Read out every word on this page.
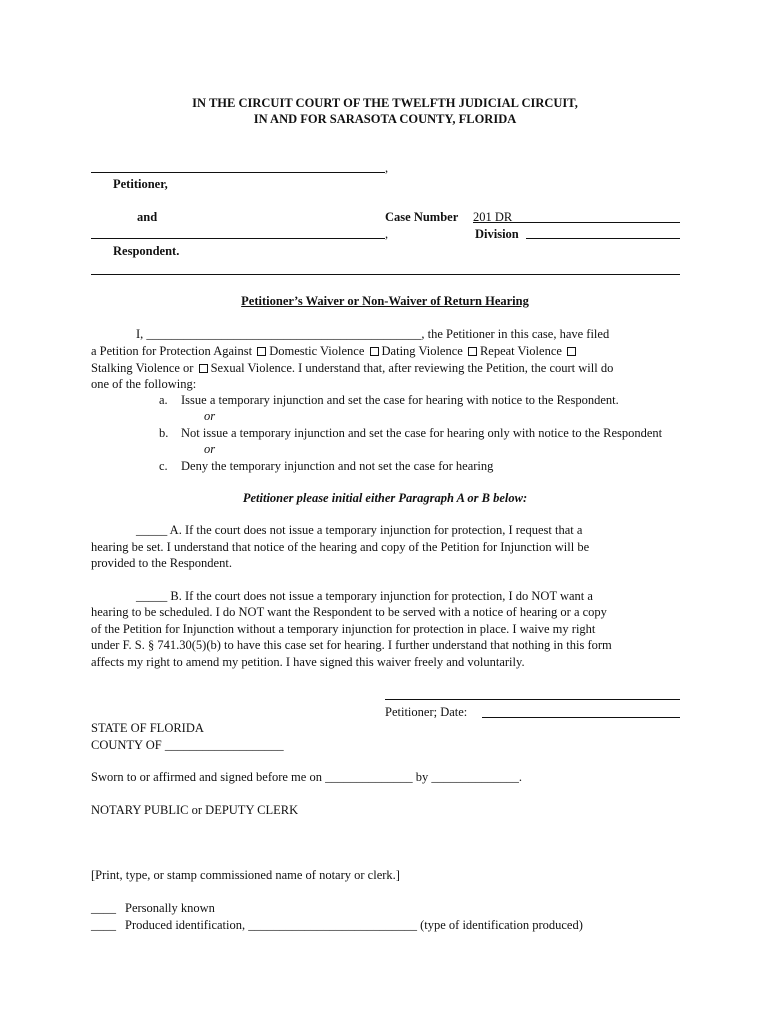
IN THE CIRCUIT COURT OF THE TWELFTH JUDICIAL CIRCUIT,
IN AND FOR SARASOTA COUNTY, FLORIDA
,
Petitioner,
and	Case Number 201 DR
,	Division
Respondent.
Petitioner’s Waiver or Non-Waiver of Return Hearing
I, ____________________________________________, the Petitioner in this case, have filed
a Petition for Protection Against Domestic Violence Dating Violence Repeat Violence
Stalking Violence or Sexual Violence. I understand that, after reviewing the Petition, the court will do
one of the following:
a. Issue a temporary injunction and set the case for hearing with notice to the Respondent.
or
b. Not issue a temporary injunction and set the case for hearing only with notice to the Respondent
or
c. Deny the temporary injunction and not set the case for hearing
Petitioner please initial either Paragraph A or B below:
_____ A. If the court does not issue a temporary injunction for protection, I request that a
hearing be set. I understand that notice of the hearing and copy of the Petition for Injunction will be
provided to the Respondent.
_____ B. If the court does not issue a temporary injunction for protection, I do NOT want a
hearing to be scheduled. I do NOT want the Respondent to be served with a notice of hearing or a copy
of the Petition for Injunction without a temporary injunction for protection in place. I waive my right
under F. S. § 741.30(5)(b) to have this case set for hearing. I further understand that nothing in this form
affects my right to amend my petition. I have signed this waiver freely and voluntarily.
Petitioner; Date:
STATE OF FLORIDA
COUNTY OF ___________________
Sworn to or affirmed and signed before me on ______________ by ______________.
NOTARY PUBLIC or DEPUTY CLERK
[Print, type, or stamp commissioned name of notary or clerk.]
____ Personally known
____ Produced identification, ___________________________ (type of identification produced)
